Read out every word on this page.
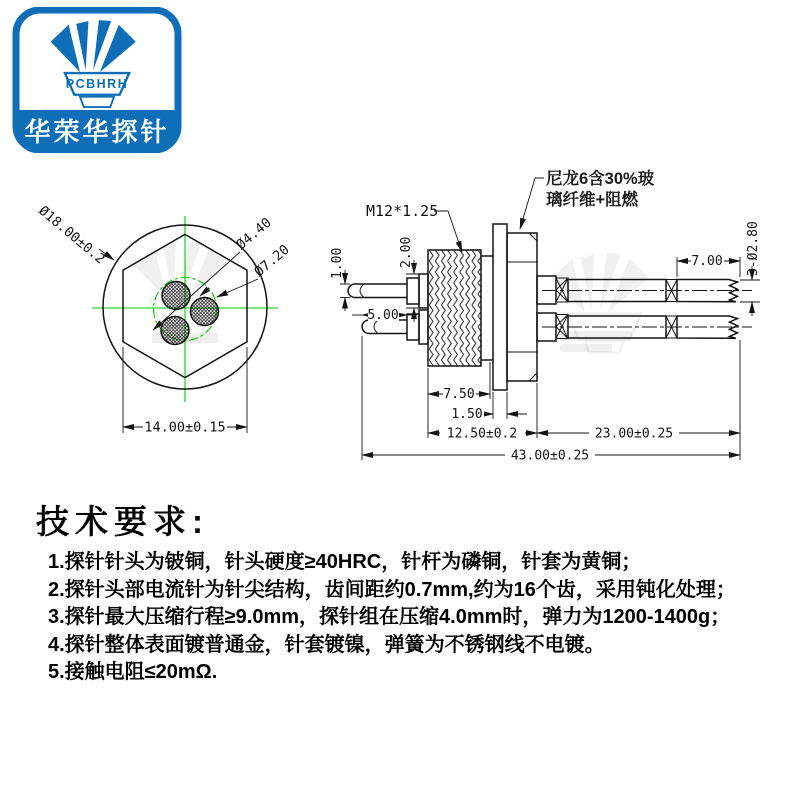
Ø18.00±0.2	Ø4.40
Ø7.20
14.00±0.15
M12*1.25
尼龙6含30%玻
璃纤维+阻燃
1.00	2.00
5.00
7.00 3-Ø2.80
7.50
1.50
12.50±0.2	23.00±0.25
43.00±0.25
PCBHRH
华荣华探针
技术要求:
1.探针针头为铍铜，针头硬度≥40HRC，针杆为磷铜，针套为黄铜；
2.探针头部电流针为针尖结构，齿间距约0.7mm,约为16个齿，采用钝化处理；
3.探针最大压缩行程≥9.0mm，探针组在压缩4.0mm时，弹力为1200-1400g；
4.探针整体表面镀普通金，针套镀镍，弹簧为不锈钢线不电镀。
5.接触电阻≤20mΩ.
